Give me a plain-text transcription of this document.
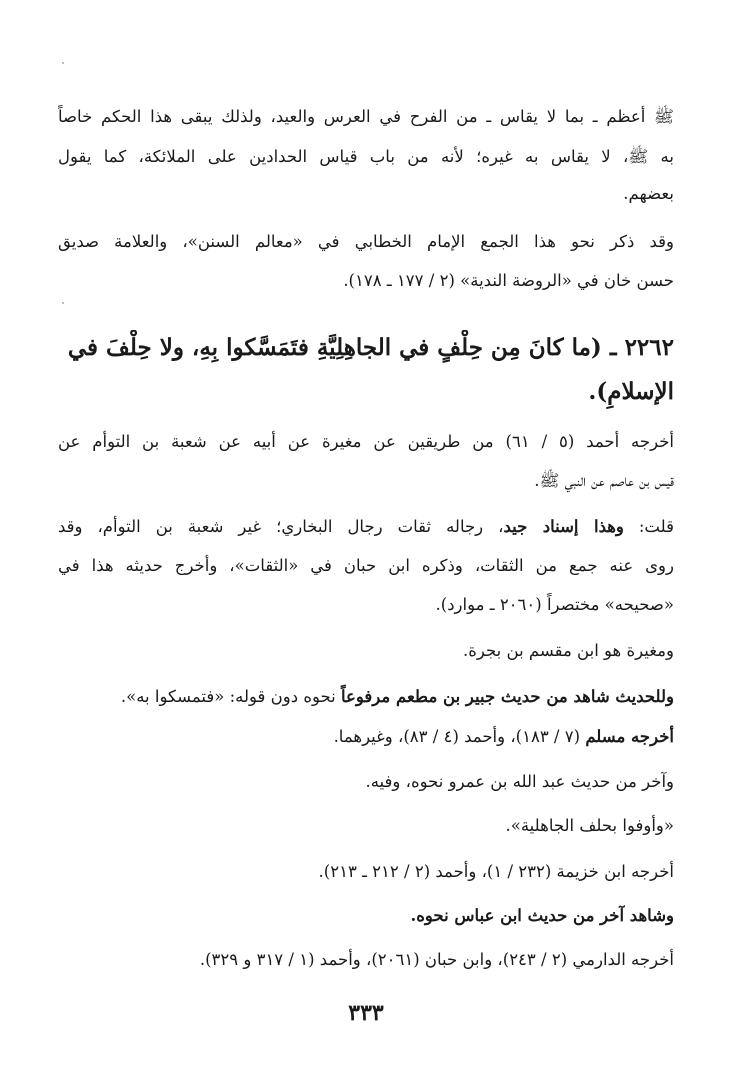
ﷺ أعظم ـ بما لا يقاس ـ من الفرح في العرس والعيد، ولذلك يبقى هذا الحكم خاصاً
به ﷺ، لا يقاس به غيره؛ لأنه من باب قياس الحدادين على الملائكة، كما يقول
بعضهم.
وقد ذكر نحو هذا الجمع الإمام الخطابي في «معالم السنن»، والعلامة صديق
حسن خان في «الروضة الندية» (٢ / ١٧٧ ـ ١٧٨).
٢٢٦٢ ـ (ما كانَ مِن حِلْفٍ في الجاهِلِيَّةِ فتَمَسَّكوا بِهِ، ولا حِلْفَ في
الإسلامِ).
أخرجه أحمد (٥ / ٦١) من طريقين عن مغيرة عن أبيه عن شعبة بن التوأم عن
قيس بن عاصم عن النبي ﷺ.
قلت: وهذا إسناد جيد، رجاله ثقات رجال البخاري؛ غير شعبة بن التوأم، وقد
روى عنه جمع من الثقات، وذكره ابن حبان في «الثقات»، وأخرج حديثه هذا في
«صحيحه» مختصراً (٢٠٦٠ ـ موارد).
ومغيرة هو ابن مقسم بن بجرة.
وللحديث شاهد من حديث جبير بن مطعم مرفوعاً نحوه دون قوله: «فتمسكوا به».
أخرجه مسلم (٧ / ١٨٣)، وأحمد (٤ / ٨٣)، وغيرهما.
وآخر من حديث عبد الله بن عمرو نحوه، وفيه.
«وأوفوا بحلف الجاهلية».
أخرجه ابن خزيمة (٢٣٢ / ١)، وأحمد (٢ / ٢١٢ ـ ٢١٣).
وشاهد آخر من حديث ابن عباس نحوه.
أخرجه الدارمي (٢ / ٢٤٣)، وابن حبان (٢٠٦١)، وأحمد (١ / ٣١٧ و ٣٢٩).
٣٣٣
